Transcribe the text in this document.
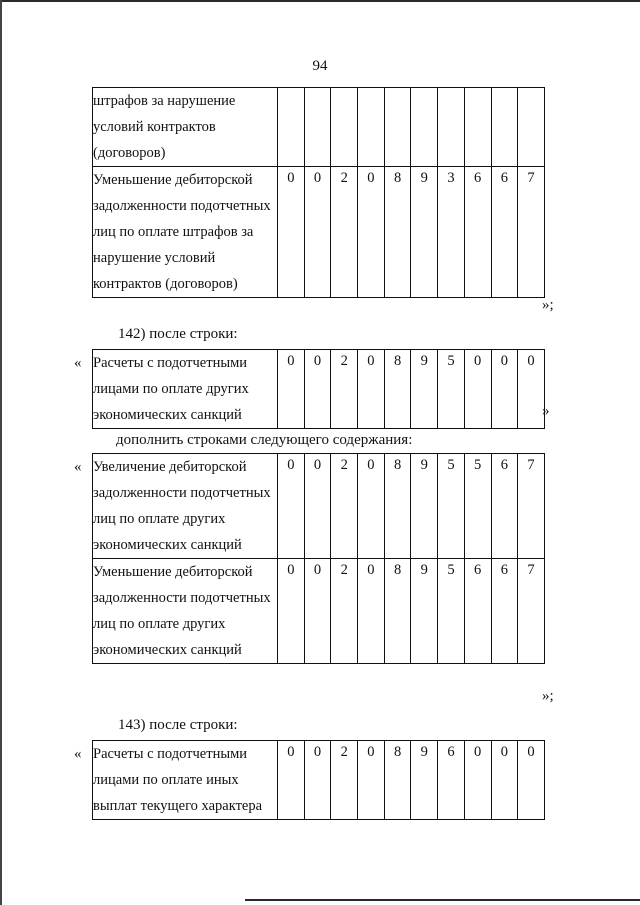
94
штрафов за нарушение условий контрактов (договоров)										
Уменьшение дебиторской задолженности подотчетных лиц по оплате штрафов за нарушение условий контрактов (договоров)	0	0	2	0	8	9	3	6	6	7
»;
142) после строки:
« Расчеты с подотчетными лицами по оплате других экономических санкций	0	0	2	0	8	9	5	0	0	0
»
дополнить строками следующего содержания:
« Увеличение дебиторской задолженности подотчетных лиц по оплате других экономических санкций	0	0	2	0	8	9	5	5	6	7
Уменьшение дебиторской задолженности подотчетных лиц по оплате других экономических санкций	0	0	2	0	8	9	5	6	6	7
»;
143) после строки:
« Расчеты с подотчетными лицами по оплате иных выплат текущего характера	0	0	2	0	8	9	6	0	0	0
